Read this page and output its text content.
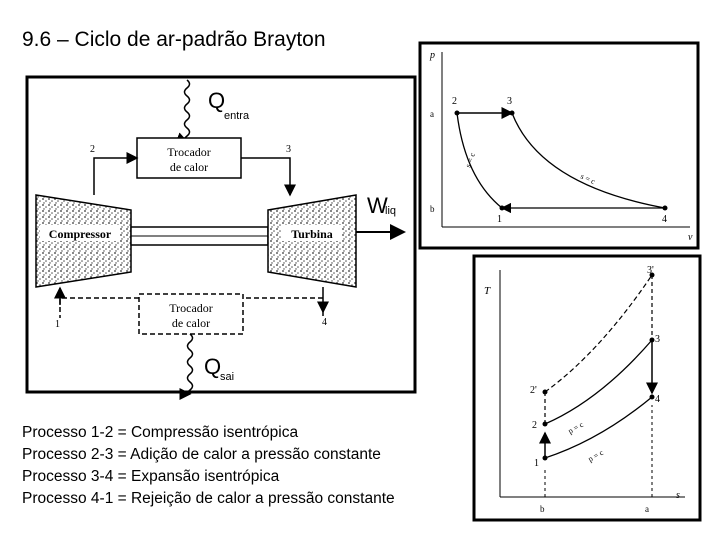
9.6 – Ciclo de ar-padrão Brayton
Q
entra
Trocador
de calor
2	3
Compressor	Turbina
W
liq
Trocador
de calor	4
1
Q
sai
p
v
a
b
2	3
4
1
s = c
s = c
T
s
b	a
1
2
2'
3
3'
4
p = c
p = c
Processo 1-2 = Compressão isentrópica
Processo 2-3 = Adição de calor a pressão constante
Processo 3-4 = Expansão isentrópica
Processo 4-1 = Rejeição de calor a pressão constante
